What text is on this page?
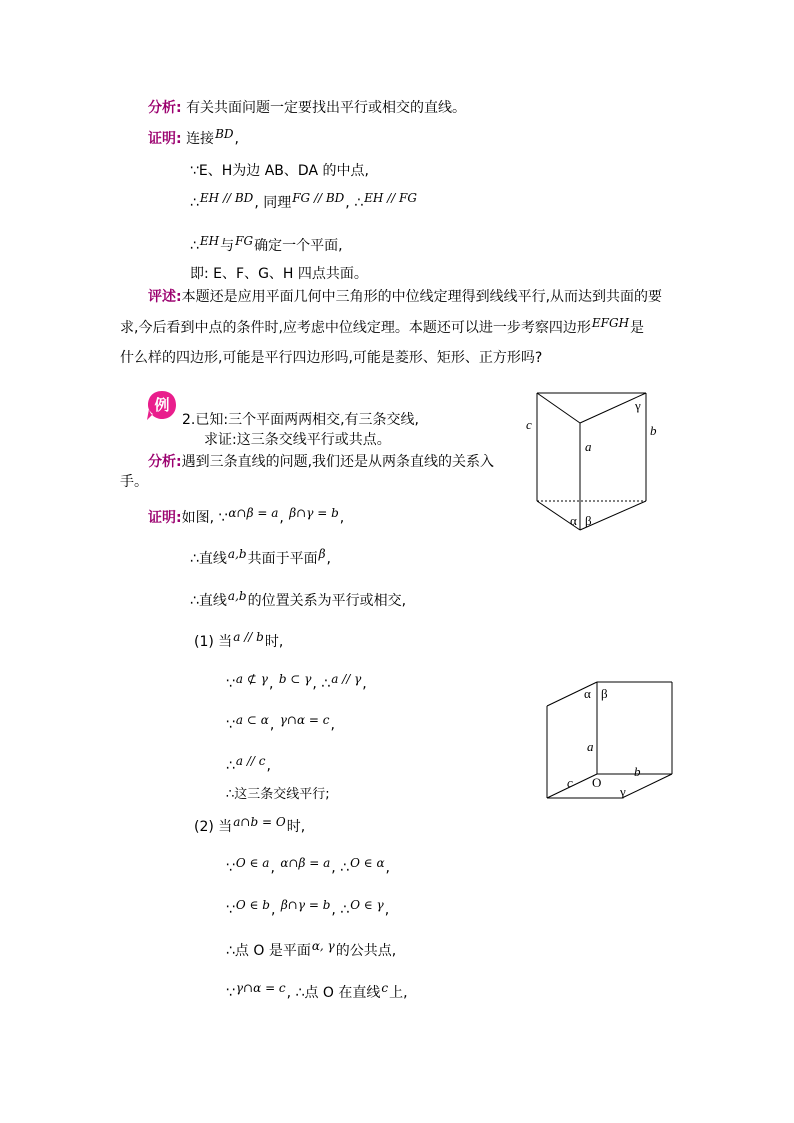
分析: 有关共面问题一定要找出平行或相交的直线。
证明: 连接BD,
∵E、H为边 AB、DA 的中点,
∴EH // BD, 同理FG // BD, ∴EH // FG
∴EH与FG确定一个平面,
即: E、F、G、H 四点共面。
评述:本题还是应用平面几何中三角形的中位线定理得到线线平行,从而达到共面的要
求,今后看到中点的条件时,应考虑中位线定理。本题还可以进一步考察四边形EFGH是
什么样的四边形,可能是平行四边形吗,可能是菱形、矩形、正方形吗?
例
2.已知:三个平面两两相交,有三条交线,
求证:这三条交线平行或共点。
分析:遇到三条直线的问题,我们还是从两条直线的关系入
手。
证明:如图, ∵α∩β = a, β∩γ = b,
∴直线a,b共面于平面β,
∴直线a,b的位置关系为平行或相交,
(1) 当a // b时,
∵a ⊄ γ, b ⊂ γ, ∴a // γ,
∵a ⊂ α, γ∩α = c,
∴a // c,
∴这三条交线平行;
(2) 当a∩b = O时,
∵O ∈ a, α∩β = a, ∴O ∈ α,
∵O ∈ b, β∩γ = b, ∴O ∈ γ,
∴点 O 是平面α, γ的公共点,
∵γ∩α = c, ∴点 O 在直线c上,
c
γ
b
a
α β
α β
a
c O
b
γ
